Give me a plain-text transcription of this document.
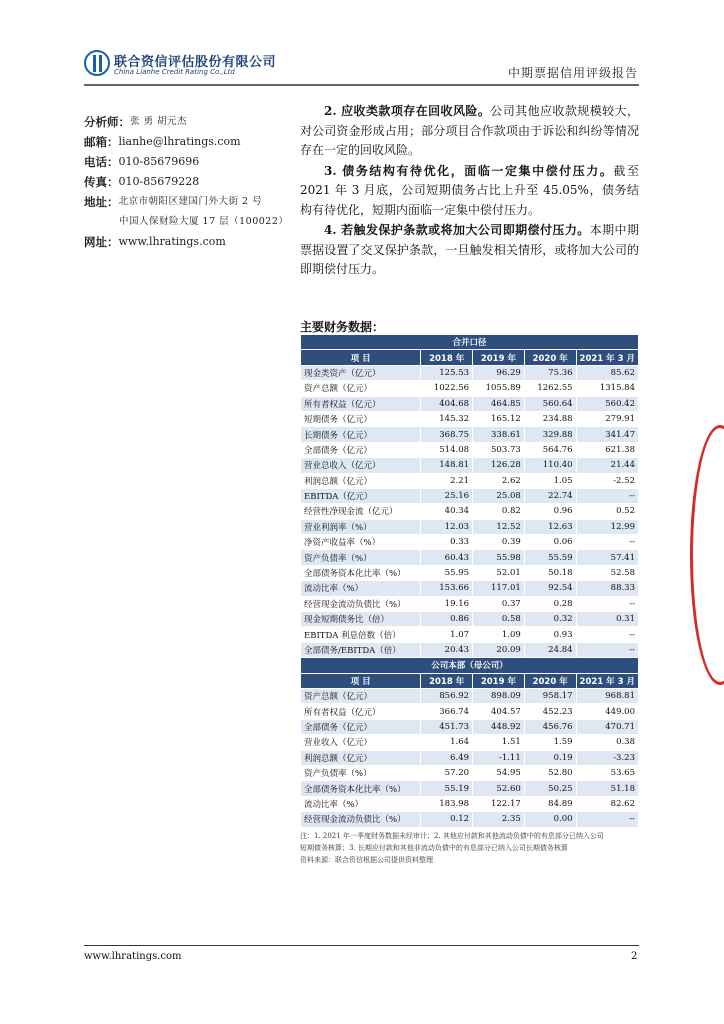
联合资信评估股份有限公司
China Lianhe Credit Rating Co.,Ltd	中期票据信用评级报告
分析师： 张 勇 胡元杰
邮箱： lianhe@lhratings.com
电话： 010-85679696
传真： 010-85679228
地址： 北京市朝阳区建国门外大街 2 号
中国人保财险大厦 17 层（100022）
网址： www.lhratings.com

2. 应收类款项存在回收风险。公司其他应收款规模较大，对公司资金形成占用；部分项目合作款项由于诉讼和纠纷等情况存在一定的回收风险。

3. 债务结构有待优化，面临一定集中偿付压力。截至 2021 年 3 月底，公司短期债务占比上升至 45.05%，债务结构有待优化，短期内面临一定集中偿付压力。

4. 若触发保护条款或将加大公司即期偿付压力。本期中期票据设置了交叉保护条款，一旦触发相关情形，或将加大公司的即期偿付压力。

主要财务数据：
合并口径				
项 目	2018 年	2019 年	2020 年	2021 年 3 月
现金类资产（亿元）	125.53	96.29	75.36	85.62
资产总额（亿元）	1022.56	1055.89	1262.55	1315.84
所有者权益（亿元）	404.68	464.85	560.64	560.42
短期债务（亿元）	145.32	165.12	234.88	279.91
长期债务（亿元）	368.75	338.61	329.88	341.47
全部债务（亿元）	514.08	503.73	564.76	621.38
营业总收入（亿元）	148.81	126.28	110.40	21.44
利润总额（亿元）	2.21	2.62	1.05	-2.52
EBITDA（亿元）	25.16	25.08	22.74	--
经营性净现金流（亿元）	40.34	0.82	0.96	0.52
营业利润率（%）	12.03	12.52	12.63	12.99
净资产收益率（%）	0.33	0.39	0.06	--
资产负债率（%）	60.43	55.98	55.59	57.41
全部债务资本化比率（%）	55.95	52.01	50.18	52.58
流动比率（%）	153.66	117.01	92.54	88.33
经营现金流动负债比（%）	19.16	0.37	0.28	--
现金短期债务比（倍）	0.86	0.58	0.32	0.31
EBITDA 利息倍数（倍）	1.07	1.09	0.93	--
全部债务/EBITDA（倍）	20.43	20.09	24.84	--
公司本部（母公司）				
项 目	2018 年	2019 年	2020 年	2021 年 3 月
资产总额（亿元）	856.92	898.09	958.17	968.81
所有者权益（亿元）	366.74	404.57	452.23	449.00
全部债务（亿元）	451.73	448.92	456.76	470.71
营业收入（亿元）	1.64	1.51	1.59	0.38
利润总额（亿元）	6.49	-1.11	0.19	-3.23
资产负债率（%）	57.20	54.95	52.80	53.65
全部债务资本化比率（%）	55.19	52.60	50.25	51.18
流动比率（%）	183.98	122.17	84.89	82.62
经营现金流动负债比（%）	0.12	2.35	0.00	--
注：1. 2021 年一季度财务数据未经审计；2. 其他应付款和其他流动负债中的有息部分已纳入公司
短期债务核算；3. 长期应付款和其他非流动负债中的有息部分已纳入公司长期债务核算
资料来源：联合资信根据公司提供资料整理
www.lhratings.com	2
